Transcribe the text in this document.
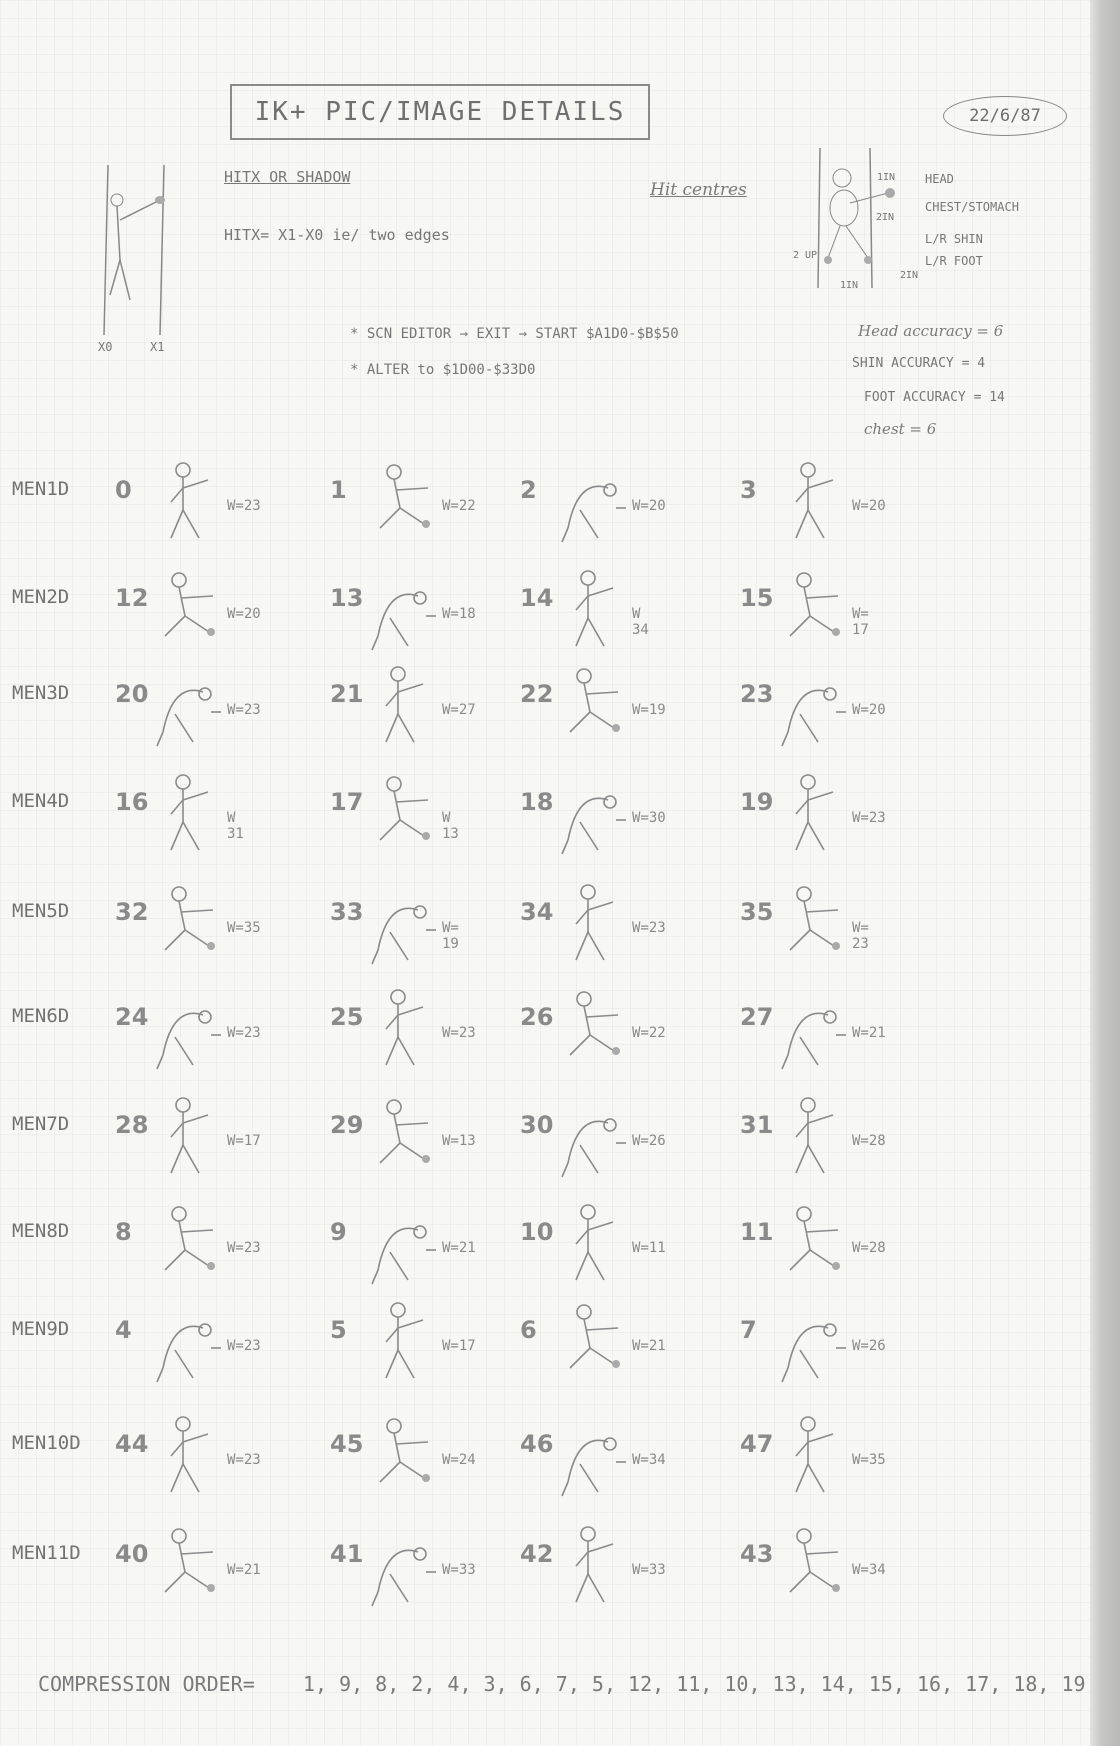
IK+ PIC/IMAGE DETAILS	22/6/87
X0	X1
HITX OR SHADOW
HITX= X1-X0 ie/ two edges
Hit centres
1IN
2IN
2 UP
2IN
1IN
HEAD
CHEST/STOMACH
L/R SHIN
L/R FOOT
Head accuracy = 6
SHIN ACCURACY = 4
FOOT ACCURACY = 14
chest = 6
* SCN EDITOR → EXIT → START $A1D0-$B$50
* ALTER to $1D00-$33D0
MEN1D 0
W=23
1
W=22
2
W=20
3
W=20
MEN2D 12
W=20
13
W=18
14
W 34
15
W= 17
MEN3D 20
W=23
21
W=27
22
W=19
23
W=20
MEN4D 16
W 31
17
W 13
18
W=30
19
W=23
MEN5D 32
W=35
33
W= 19
34
W=23
35
W= 23
MEN6D 24
W=23
25
W=23
26
W=22
27
W=21
MEN7D 28
W=17
29
W=13
30
W=26
31
W=28
MEN8D 8
W=23
9
W=21
10
W=11
11
W=28
MEN9D 4
W=23
5
W=17
6
W=21
7
W=26
MEN10D 44
W=23
45
W=24
46
W=34
47
W=35
MEN11D 40
W=21
41
W=33
42
W=33
43
W=34
COMPRESSION ORDER= 1, 9, 8, 2, 4, 3, 6, 7, 5, 12, 11, 10, 13, 14, 15, 16, 17, 18, 19
